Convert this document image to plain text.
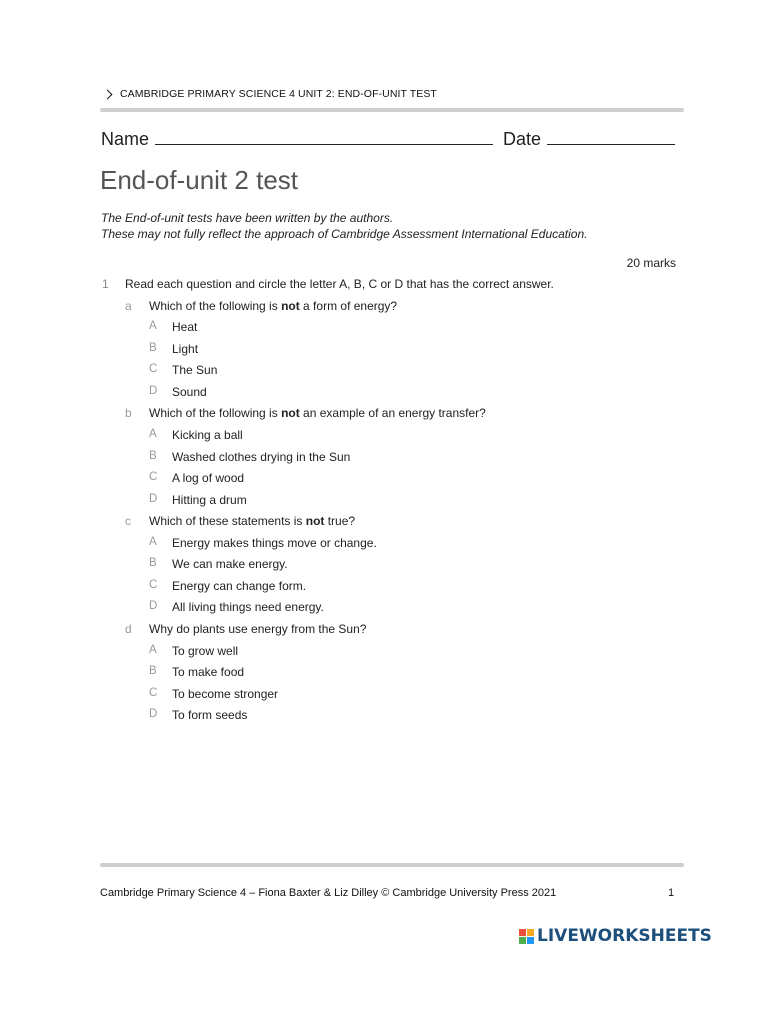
CAMBRIDGE PRIMARY SCIENCE 4 UNIT 2: END-OF-UNIT TEST
Name	Date
End-of-unit 2 test
The End-of-unit tests have been written by the authors.
These may not fully reflect the approach of Cambridge Assessment International Education.
20 marks
1 Read each question and circle the letter A, B, C or D that has the correct answer.
a Which of the following is not a form of energy?
A Heat
B Light
C The Sun
D Sound
b Which of the following is not an example of an energy transfer?
A Kicking a ball
B Washed clothes drying in the Sun
C A log of wood
D Hitting a drum
c Which of these statements is not true?
A Energy makes things move or change.
B We can make energy.
C Energy can change form.
D All living things need energy.
d Why do plants use energy from the Sun?
A To grow well
B To make food
C To become stronger
D To form seeds
Cambridge Primary Science 4 – Fiona Baxter & Liz Dilley © Cambridge University Press 2021	1
LIVEWORKSHEETS
